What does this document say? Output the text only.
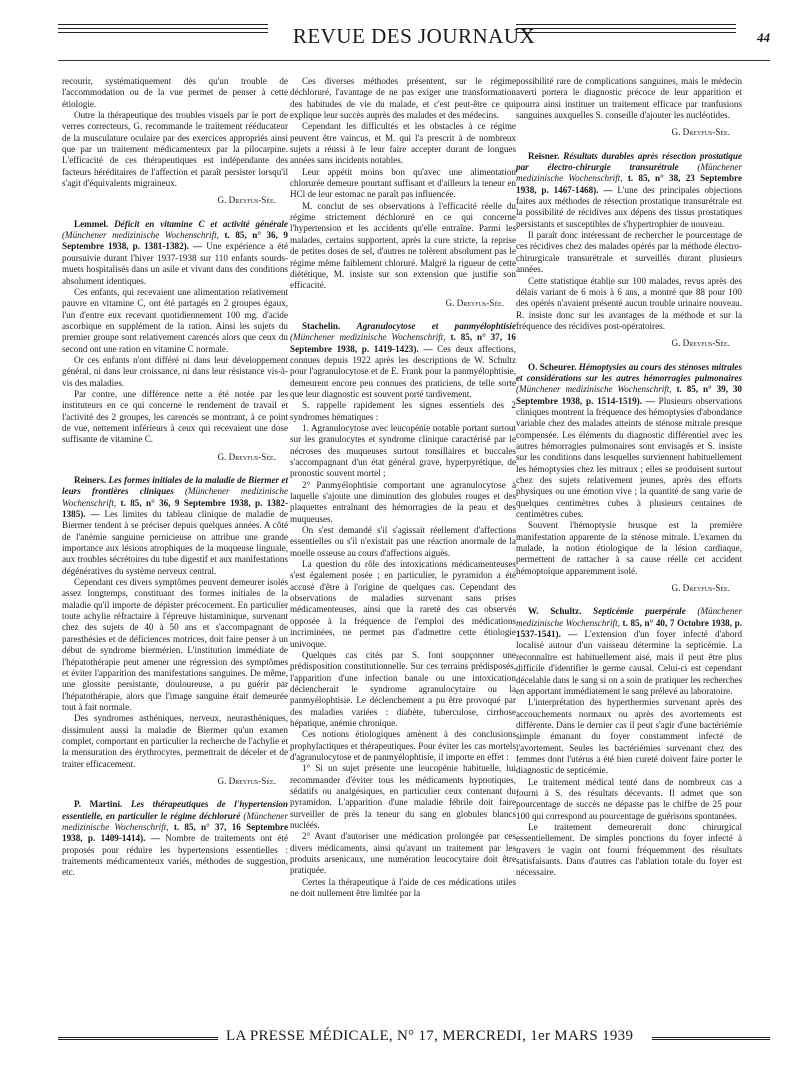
REVUE DES JOURNAUX	44

recourir, systématiquement dès qu'un trouble de l'accommodation ou de la vue permet de penser à cette étiologie.

Outre la thérapeutique des troubles visuels par le port de verres correcteurs, G. recommande le traitement rééducateur de la musculature oculaire par des exercices appropriés ainsi que par un traitement médicamenteux par la pilocarpine. L'efficacité de ces thérapeutiques est indépendante des facteurs héréditaires de l'affection et paraît persister lorsqu'il s'agit d'équivalents migraineux.

G. Dreyfus-Sée.

Lemmel. Déficit en vitamine C et activité générale (Münchener medizinische Wochenschrift, t. 85, n° 36, 9 Septembre 1938, p. 1381-1382). — Une expérience a été poursuivie durant l'hiver 1937-1938 sur 110 enfants sourds-muets hospitalisés dans un asile et vivant dans des conditions absolument identiques.

Ces enfants, qui recevaient une alimentation relativement pauvre en vitamine C, ont été partagés en 2 groupes égaux, l'un d'entre eux recevant quotidiennement 100 mg. d'acide ascorbique en supplément de la ration. Ainsi les sujets du premier groupe sont relativement carencés alors que ceux du second ont une ration en vitamine C normale.

Or ces enfants n'ont différé ni dans leur développement général, ni dans leur croissance, ni dans leur résistance vis-à-vis des maladies.

Par contre, une différence nette a été notée par les instituteurs en ce qui concerne le rendement de travail et l'activité des 2 groupes, les carencés se montrant, à ce point de vue, nettement inférieurs à ceux qui recevaient une dose suffisante de vitamine C.

G. Dreyfus-Sée.

Reiners. Les formes initiales de la maladie de Biermer et leurs frontières cliniques (Münchener medizinische Wochenschrift, t. 85, n° 36, 9 Septembre 1938, p. 1382-1385). — Les limites du tableau clinique de maladie de Biermer tendent à se préciser depuis quelques années. A côté de l'anémie sanguine pernicieuse on attribue une grande importance aux lésions atrophiques de la muqueuse linguale, aux troubles sécrétoires du tube digestif et aux manifestations dégénératives du système nerveux central.

Cependant ces divers symptômes peuvent demeurer isolés assez longtemps, constituant des formes initiales de la maladie qu'il importe de dépister précocement. En particulier toute achylie réfractaire à l'épreuve histaminique, survenant chez des sujets de 40 à 50 ans et s'accompagnant de paresthésies et de déficiences motrices, doit faire penser à un début de syndrome biermérien. L'institution immédiate de l'hépatothérapie peut amener une régression des symptômes et éviter l'apparition des manifestations sanguines. De même, une glossite persistante, douloureuse, a pu guérir par l'hépatothérapie, alors que l'image sanguine était demeurée tout à fait normale.

Des syndromes asthéniques, nerveux, neurasthéniques, dissimulent aussi la maladie de Biermer qu'un examen complet, comportant en particulier la recherche de l'achylie et la mensuration des érythrocytes, permettrait de déceler et de traiter efficacement.

G. Dreyfus-Sée.

P. Martini. Les thérapeutiques de l'hypertension essentielle, en particulier le régime déchloruré (Münchener medizinische Wochenschrift, t. 85, n° 37, 16 Septembre 1938, p. 1409-1414). — Nombre de traitements ont été proposés pour réduire les hypertensions essentielles : traitements médicamenteux variés, méthodes de suggestion, etc.

Ces diverses méthodes présentent, sur le régime déchloruré, l'avantage de ne pas exiger une transformation des habitudes de vie du malade, et c'est peut-être ce qui explique leur succès auprès des malades et des médecins.

Cependant les difficultés et les obstacles à ce régime peuvent être vaincus, et M. qui l'a prescrit à de nombreux sujets a réussi à le leur faire accepter durant de longues années sans incidents notables.

Leur appétit moins bon qu'avec une alimentation chlorurée demeure pourtant suffisant et d'ailleurs la teneur en HCl de leur estomac ne paraît pas influencée.

M. conclut de ses observations à l'efficacité réelle du régime strictement déchloruré en ce qui concerne l'hypertension et les accidents qu'elle entraîne. Parmi les malades, certains supportent, après la cure stricte, la reprise de petites doses de sel, d'autres ne tolèrent absolument pas le régime même faiblement chloruré. Malgré la rigueur de cette diététique, M. insiste sur son extension que justifie son efficacité.

G. Dreyfus-Sée.

Stachelin. Agranulocytose et panmyélophtisie (Münchener medizinische Wochenschrift, t. 85, n° 37, 16 Septembre 1938, p. 1419-1423). — Ces deux affections, connues depuis 1922 après les descriptions de W. Schultz pour l'agranulocytose et de E. Frank pour la panmyélophtisie, demeurent encore peu connues des praticiens, de telle sorte que leur diagnostic est souvent porté tardivement.

S. rappelle rapidement les signes essentiels des 2 syndromes hématiques :

1. Agranulocytose avec leucopénie notable portant surtout sur les granulocytes et syndrome clinique caractérisé par le nécroses des muqueuses surtout tonsillaires et buccales s'accompagnant d'un état général grave, hyperpyrétique, de pronostic souvent mortel ;

2° Panmyélophtisie comportant une agranulocytose à laquelle s'ajoute une diminution des globules rouges et des plaquettes entraînant des hémorragies de la peau et des muqueuses.

On s'est demandé s'il s'agissait réellement d'affections essentielles ou s'il n'existait pas une réaction anormale de la moelle osseuse au cours d'affections aiguës.

La question du rôle des intoxications médicamenteuses s'est également posée ; en particulier, le pyramidon a été accusé d'être à l'origine de quelques cas. Cependant des observations de maladies survenant sans prises médicamenteuses, ainsi que la rareté des cas observés opposée à la fréquence de l'emploi des médications incriminées, ne permet pas d'admettre cette étiologie univoque.

Quelques cas cités par S. font soupçonner une prédisposition constitutionnelle. Sur ces terrains prédisposés, l'apparition d'une infection banale ou une intoxication déclencherait le syndrome agranulocytaire ou la panmyélophtisie. Le déclenchement a pu être provoqué par des maladies variées : diabète, tuberculose, cirrhose hépatique, anémie chronique.

Ces notions étiologiques amènent à des conclusions prophylactiques et thérapeutiques. Pour éviter les cas mortels d'agranulocytose et de panmyélophtisie, il importe en effet :

1° Si un sujet présente une leucopénie habituelle, lui recommander d'éviter tous les médicaments hypnotiques, sédatifs ou analgésiques, en particulier ceux contenant du pyramidon. L'apparition d'une maladie fébrile doit faire surveiller de près la teneur du sang en globules blancs nucléés.

2° Avant d'autoriser une médication prolongée par ces divers médicaments, ainsi qu'avant un traitement par les produits arsenicaux, une numération leucocytaire doit être pratiquée.

Certes la thérapeutique à l'aide de ces médications utiles ne doit nullement être limitée par la

possibilité rare de complications sanguines, mais le médecin averti portera le diagnostic précoce de leur apparition et pourra ainsi instituer un traitement efficace par tranfusions sanguines auxquelles S. conseille d'ajouter les nucléotides.

G. Dreyfus-Sée.

Reisner. Résultats durables après résection prostatique par électro-chirurgie transurétrale (Münchener medizinische Wochenschrift, t. 85, n° 38, 23 Septembre 1938, p. 1467-1468). — L'une des principales objections faites aux méthodes de résection prostatique transurétrale est la possibilité de récidives aux dépens des tissus prostatiques persistants et susceptibles de s'hypertrophier de nouveau.

Il paraît donc intéressant de rechercher le pourcentage de ces récidives chez des malades opérés par la méthode électro-chirurgicale transurétrale et surveillés durant plusieurs années.

Cette statistique établie sur 100 malades, revus après des délais variant de 6 mois à 6 ans, a montré que 88 pour 100 des opérés n'avaient présenté aucun trouble urinaire nouveau. R. insiste donc sur les avantages de la méthode et sur la fréquence des récidives post-opératoires.

G. Dreyfus-Sée.

O. Scheurer. Hémoptysies au cours des sténoses mitrales et considérations sur les autres hémorragies pulmonaires (Münchener medizinische Wochenschrift, t. 85, n° 39, 30 Septembre 1938, p. 1514-1519). — Plusieurs observations cliniques montrent la fréquence des hémoptysies d'abondance variable chez des malades atteints de sténose mitrale presque compensée. Les éléments du diagnostic différentiel avec les autres hémorragies pulmonaires sont envisagés et S. insiste sur les conditions dans lesquelles surviennent habituellement les hémoptysies chez les mitraux ; elles se produisent surtout chez des sujets relativement jeunes, après des efforts physiques ou une émotion vive ; la quantité de sang varie de quelques centimètres cubes à plusieurs centaines de centimètres cubes.

Souvent l'hémoptysie brusque est la première manifestation apparente de la sténose mitrale. L'examen du malade, la notion étiologique de la lésion cardiaque, permettent de rattacher à sa cause réelle cet accident hémoptoïque apparemment isolé.

G. Dreyfus-Sée.

W. Schultz. Septicémie puerpérale (Münchener medizinische Wochenschrift, t. 85, n° 40, 7 Octobre 1938, p. 1537-1541). — L'extension d'un foyer infecté d'abord localisé autour d'un vaisseau détermine la septicémie. La reconnaître est habituellement aisé, mais il peut être plus difficile d'identifier le germe causal. Celui-ci est cependant décelable dans le sang si on a soin de pratiquer les recherches en apportant immédiatement le sang prélevé au laboratoire.

L'interprétation des hyperthermies survenant après des accouchements normaux ou après des avortements est différente. Dans le dernier cas il peut s'agir d'une bactériémie simple émanant du foyer constamment infecté de l'avortement. Seules les bactériémies survenant chez des femmes dont l'utérus a été bien cureté doivent faire porter le diagnostic de septicémie.

Le traitement médical tenté dans de nombreux cas a fourni à S. des résultats décevants. Il admet que son pourcentage de succès ne dépasse pas le chiffre de 25 pour 100 qui correspond au pourcentage de guérisons spontanées.

Le traitement demeurerait donc chirurgical essentiellement. De simples ponctions du foyer infecté à travers le vagin ont fourni fréquemment des résultats satisfaisants. Dans d'autres cas l'ablation totale du foyer est nécessaire.

LA PRESSE MÉDICALE, N° 17, MERCREDI, 1er MARS 1939
